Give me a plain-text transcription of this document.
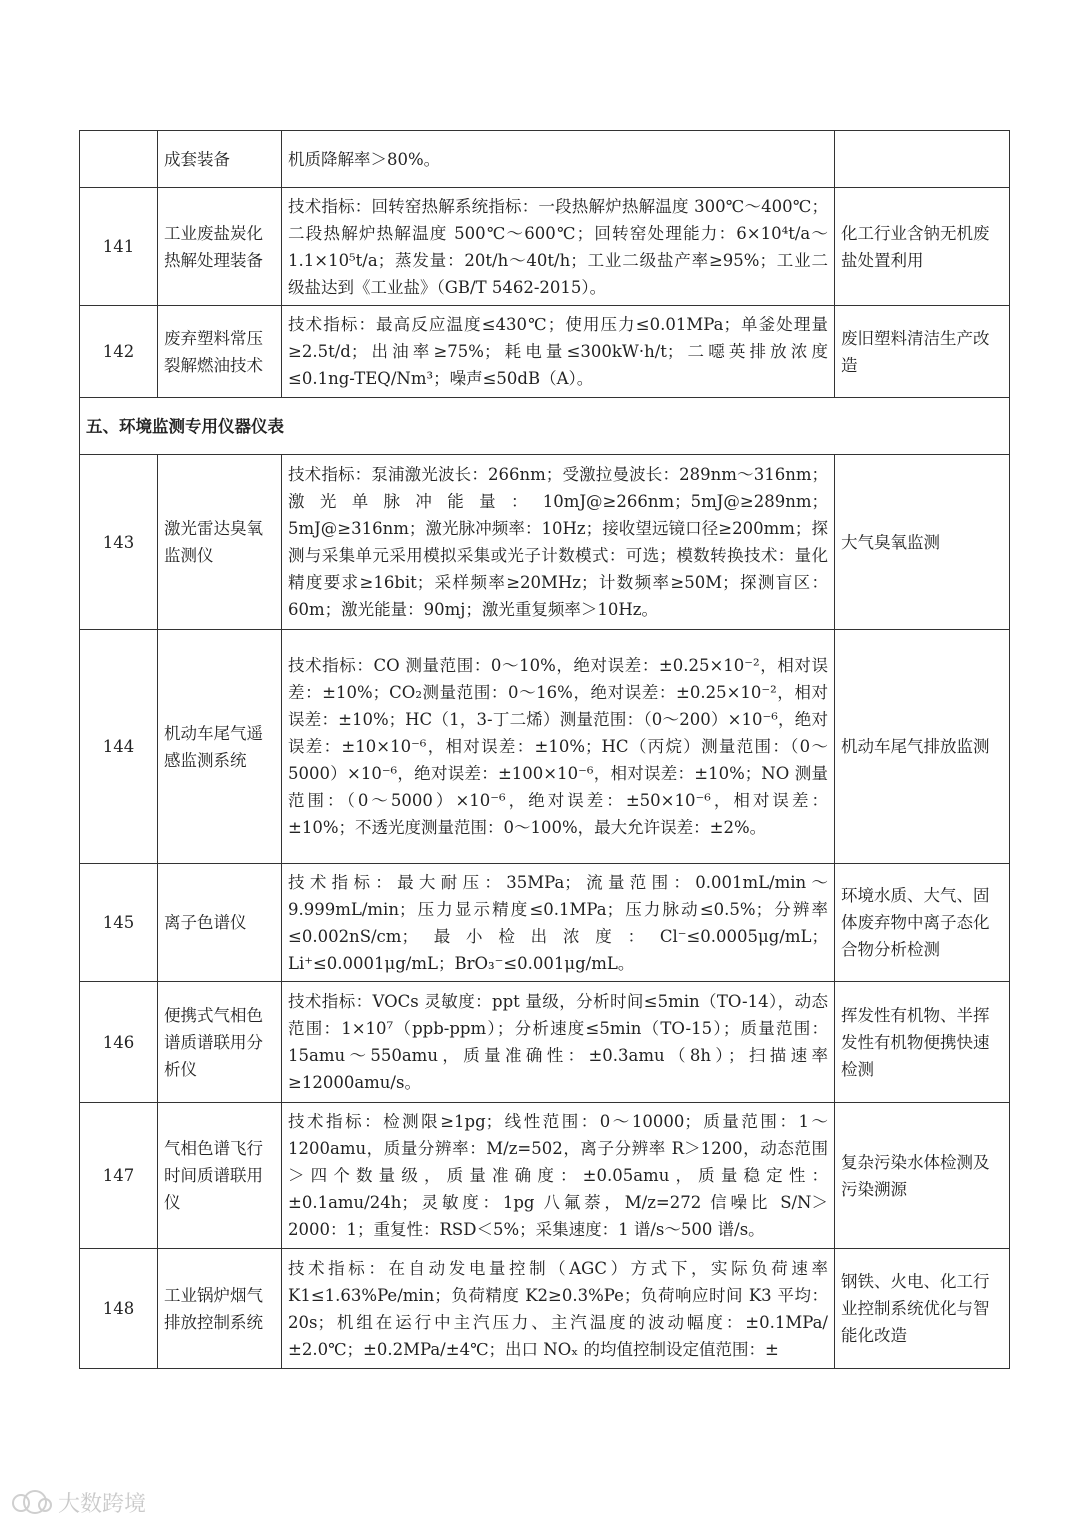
	成套装备	机质降解率＞80%。	
141	工业废盐炭化热解处理装备	技术指标：回转窑热解系统指标：一段热解炉热解温度 300℃～400℃；二段热解炉热解温度 500℃～600℃；回转窑处理能力：6×10⁴t/a～1.1×10⁵t/a；蒸发量：20t/h～40t/h；工业二级盐产率≥95%；工业二级盐达到《工业盐》（GB/T 5462-2015）。	化工行业含钠无机废盐处置利用
142	废弃塑料常压裂解燃油技术	技术指标：最高反应温度≤430℃；使用压力≤0.01MPa；单釜处理量≥2.5t/d；出油率≥75%；耗电量≤300kW·h/t；二噁英排放浓度≤0.1ng-TEQ/Nm³；噪声≤50dB（A）。	废旧塑料清洁生产改造
五、环境监测专用仪器仪表			
143	激光雷达臭氧监测仪	技术指标：泵浦激光波长：266nm；受激拉曼波长：289nm～316nm；激光单脉冲能量：10mJ@≥266nm；5mJ@≥289nm；5mJ@≥316nm；激光脉冲频率：10Hz；接收望远镜口径≥200mm；探测与采集单元采用模拟采集或光子计数模式：可选；模数转换技术：量化精度要求≥16bit；采样频率≥20MHz；计数频率≥50M；探测盲区：60m；激光能量：90mj；激光重复频率＞10Hz。	大气臭氧监测
144	机动车尾气遥感监测系统	技术指标：CO 测量范围：0～10%，绝对误差：±0.25×10⁻²，相对误差：±10%；CO₂测量范围：0～16%，绝对误差：±0.25×10⁻²，相对误差：±10%；HC（1，3-丁二烯）测量范围：（0～200）×10⁻⁶，绝对误差：±10×10⁻⁶，相对误差：±10%；HC（丙烷）测量范围：（0～5000）×10⁻⁶，绝对误差：±100×10⁻⁶，相对误差：±10%；NO 测量范围：（0～5000）×10⁻⁶，绝对误差：±50×10⁻⁶，相对误差：±10%；不透光度测量范围：0～100%，最大允许误差：±2%。	机动车尾气排放监测
145	离子色谱仪	技术指标：最大耐压：35MPa；流量范围：0.001mL/min～9.999mL/min；压力显示精度≤0.1MPa；压力脉动≤0.5%；分辨率≤0.002nS/cm；最小检出浓度：Cl⁻≤0.0005μg/mL；Li⁺≤0.0001μg/mL；BrO₃⁻≤0.001μg/mL。	环境水质、大气、固体废弃物中离子态化合物分析检测
146	便携式气相色谱质谱联用分析仪	技术指标：VOCs 灵敏度：ppt 量级，分析时间≤5min（TO-14），动态范围：1×10⁷（ppb-ppm）；分析速度≤5min（TO-15）；质量范围：15amu～550amu，质量准确性：±0.3amu（8h）；扫描速率≥12000amu/s。	挥发性有机物、半挥发性有机物便携快速检测
147	气相色谱飞行时间质谱联用仪	技术指标：检测限≥1pg；线性范围：0～10000；质量范围：1～1200amu，质量分辨率：M/z=502，离子分辨率 R＞1200，动态范围＞四个数量级，质量准确度：±0.05amu，质量稳定性：±0.1amu/24h；灵敏度：1pg 八氟萘，M/z=272 信噪比 S/N＞2000：1；重复性：RSD＜5%；采集速度：1 谱/s～500 谱/s。	复杂污染水体检测及污染溯源
148	工业锅炉烟气排放控制系统	技术指标：在自动发电量控制（AGC）方式下，实际负荷速率 K1≤1.63%Pe/min；负荷精度 K2≥0.3%Pe；负荷响应时间 K3 平均：20s；机组在运行中主汽压力、主汽温度的波动幅度：±0.1MPa/±2.0℃；±0.2MPa/±4℃；出口 NOₓ 的均值控制设定值范围：±	钢铁、火电、化工行业控制系统优化与智能化改造
大数跨境
